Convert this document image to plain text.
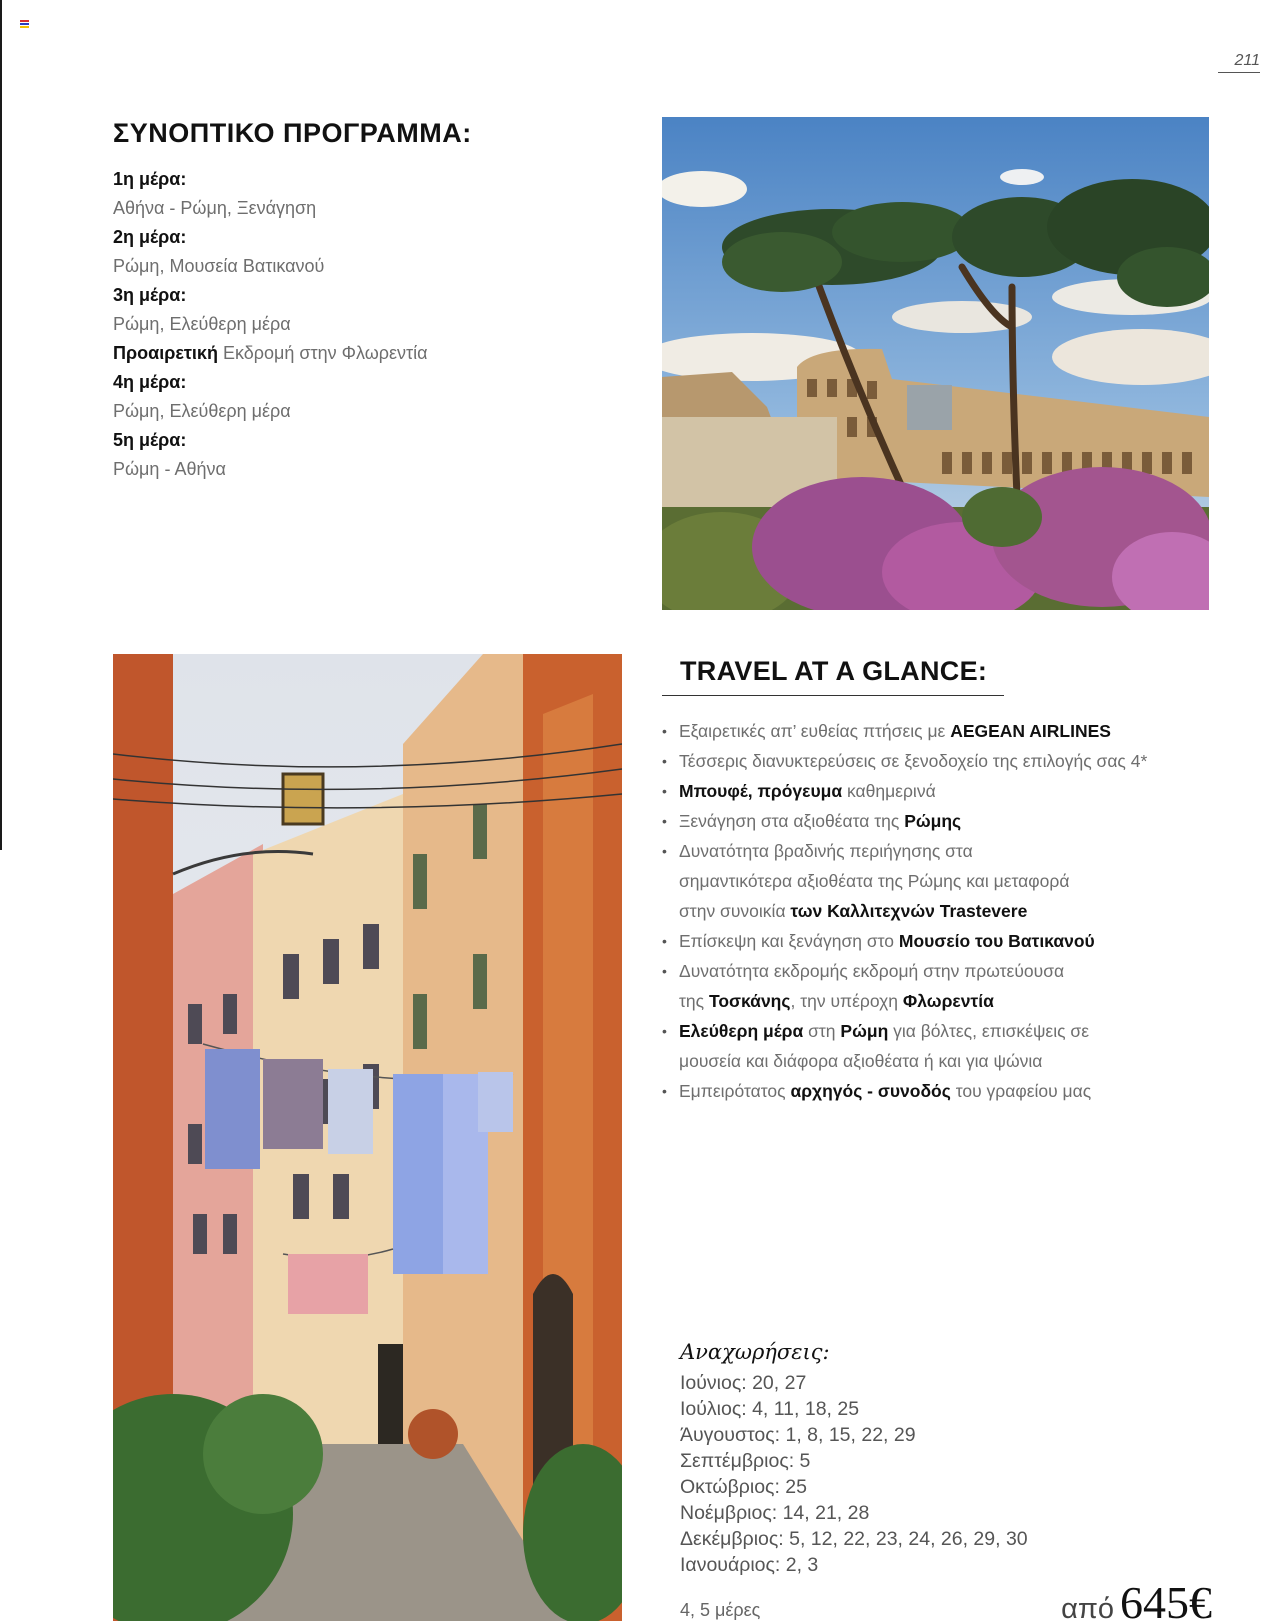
211
ΣΥΝΟΠΤΙΚΟ ΠΡΟΓΡΑΜΜΑ:
1η μέρα:
Αθήνα - Ρώμη, Ξενάγηση
2η μέρα:
Ρώμη, Μουσεία Βατικανού
3η μέρα:
Ρώμη, Ελεύθερη μέρα
Προαιρετική Εκδρομή στην Φλωρεντία
4η μέρα:
Ρώμη, Ελεύθερη μέρα
5η μέρα:
Ρώμη - Αθήνα
TRAVEL AT A GLANCE:
• Εξαιρετικές απ’ ευθείας πτήσεις με AEGEAN AIRLINES
• Τέσσερις διανυκτερεύσεις σε ξενοδοχείο της επιλογής σας 4*
• Μπουφέ, πρόγευμα καθημερινά
• Ξενάγηση στα αξιοθέατα της Ρώμης
• Δυνατότητα βραδινής περιήγησης στα
σημαντικότερα αξιοθέατα της Ρώμης και μεταφορά
στην συνοικία των Καλλιτεχνών Trastevere
• Επίσκεψη και ξενάγηση στο Μουσείο του Βατικανού
• Δυνατότητα εκδρομής εκδρομή στην πρωτεύουσα
της Τοσκάνης, την υπέροχη Φλωρεντία
• Ελεύθερη μέρα στη Ρώμη για βόλτες, επισκέψεις σε
μουσεία και διάφορα αξιοθέατα ή και για ψώνια
• Εμπειρότατος αρχηγός - συνοδός του γραφείου μας
Αναχωρήσεις:
Ιούνιος: 20, 27
Ιούλιος: 4, 11, 18, 25
Άυγουστος: 1, 8, 15, 22, 29
Σεπτέμβριος: 5
Οκτώβριος: 25
Νοέμβριος: 14, 21, 28
Δεκέμβριος: 5, 12, 22, 23, 24, 26, 29, 30
Ιανουάριος: 2, 3
4, 5 μέρες	από 645€
